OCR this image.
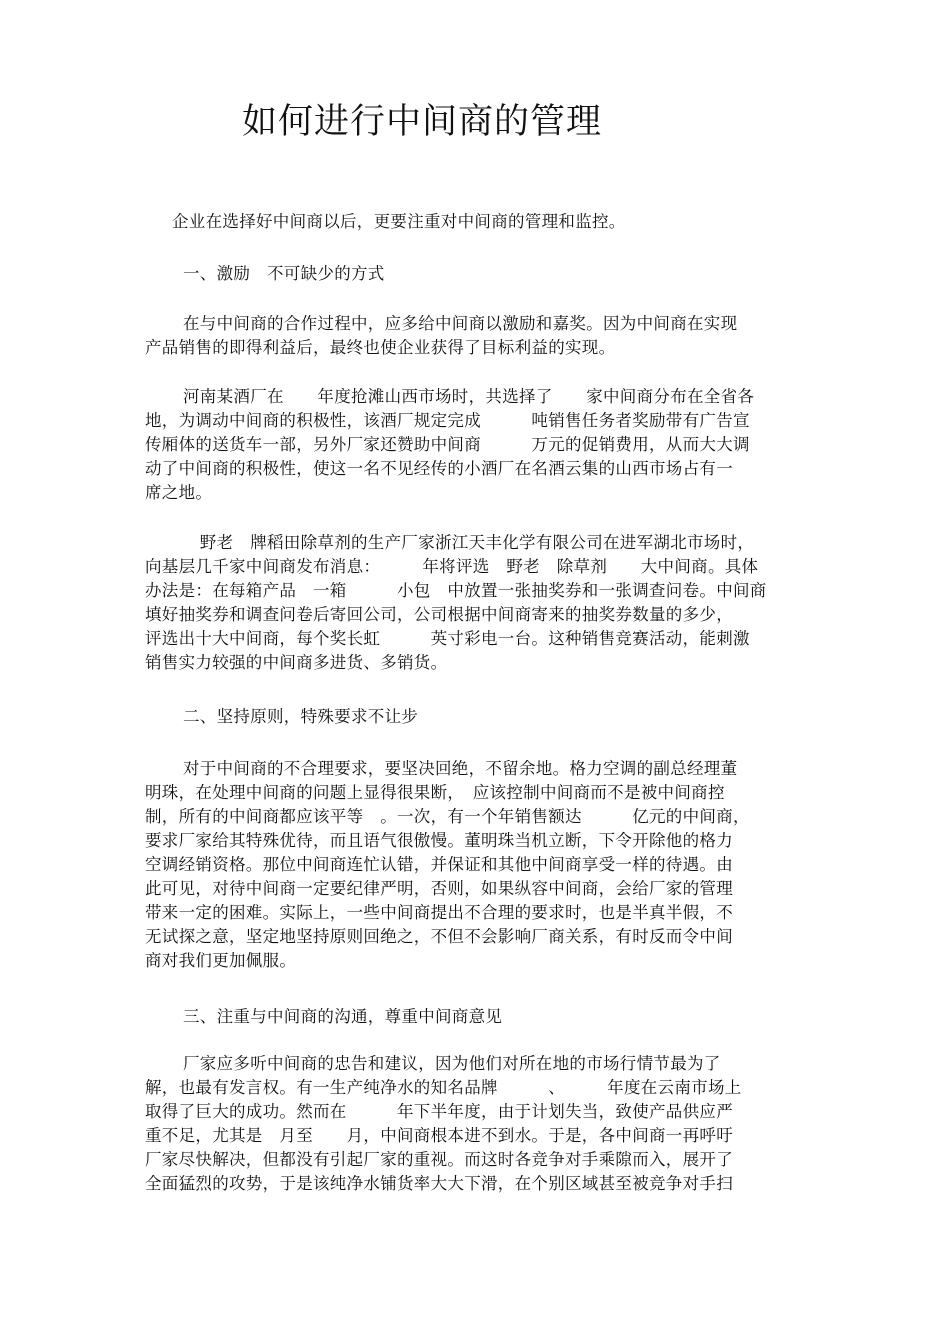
如何进行中间商的管理
企业在选择好中间商以后，更要注重对中间商的管理和监控。
一、激励　不可缺少的方式
在与中间商的合作过程中，应多给中间商以激励和嘉奖。因为中间商在实现
产品销售的即得利益后，最终也使企业获得了目标利益的实现。
河南某酒厂在　　年度抢滩山西市场时，共选择了　　家中间商分布在全省各
地，为调动中间商的积极性，该酒厂规定完成　　　吨销售任务者奖励带有广告宣
传厢体的送货车一部，另外厂家还赞助中间商　　　万元的促销费用，从而大大调
动了中间商的积极性，使这一名不见经传的小酒厂在名酒云集的山西市场占有一
席之地。
　野老　牌稻田除草剂的生产厂家浙江天丰化学有限公司在进军湖北市场时，
向基层几千家中间商发布消息：　　　年将评选　野老　除草剂　　大中间商。具体
办法是：在每箱产品　一箱　　　小包　中放置一张抽奖券和一张调查问卷。中间商
填好抽奖券和调查问卷后寄回公司，公司根据中间商寄来的抽奖券数量的多少，
评选出十大中间商，每个奖长虹　　　英寸彩电一台。这种销售竞赛活动，能刺激
销售实力较强的中间商多进货、多销货。
二、坚持原则，特殊要求不让步
对于中间商的不合理要求，要坚决回绝，不留余地。格力空调的副总经理董
明珠，在处理中间商的问题上显得很果断，　应该控制中间商而不是被中间商控
制，所有的中间商都应该平等　。一次，有一个年销售额达　　　亿元的中间商，
要求厂家给其特殊优待，而且语气很傲慢。董明珠当机立断，下令开除他的格力
空调经销资格。那位中间商连忙认错，并保证和其他中间商享受一样的待遇。由
此可见，对待中间商一定要纪律严明，否则，如果纵容中间商，会给厂家的管理
带来一定的困难。实际上，一些中间商提出不合理的要求时，也是半真半假，不
无试探之意，坚定地坚持原则回绝之，不但不会影响厂商关系，有时反而令中间
商对我们更加佩服。
三、注重与中间商的沟通，尊重中间商意见
厂家应多听中间商的忠告和建议，因为他们对所在地的市场行情节最为了
解，也最有发言权。有一生产纯净水的知名品牌　　　、　　　年度在云南市场上
取得了巨大的成功。然而在　　　年下半年度，由于计划失当，致使产品供应严
重不足，尤其是　月至　　月，中间商根本进不到水。于是，各中间商一再呼吁
厂家尽快解决，但都没有引起厂家的重视。而这时各竞争对手乘隙而入，展开了
全面猛烈的攻势，于是该纯净水铺货率大大下滑，在个别区域甚至被竞争对手扫
